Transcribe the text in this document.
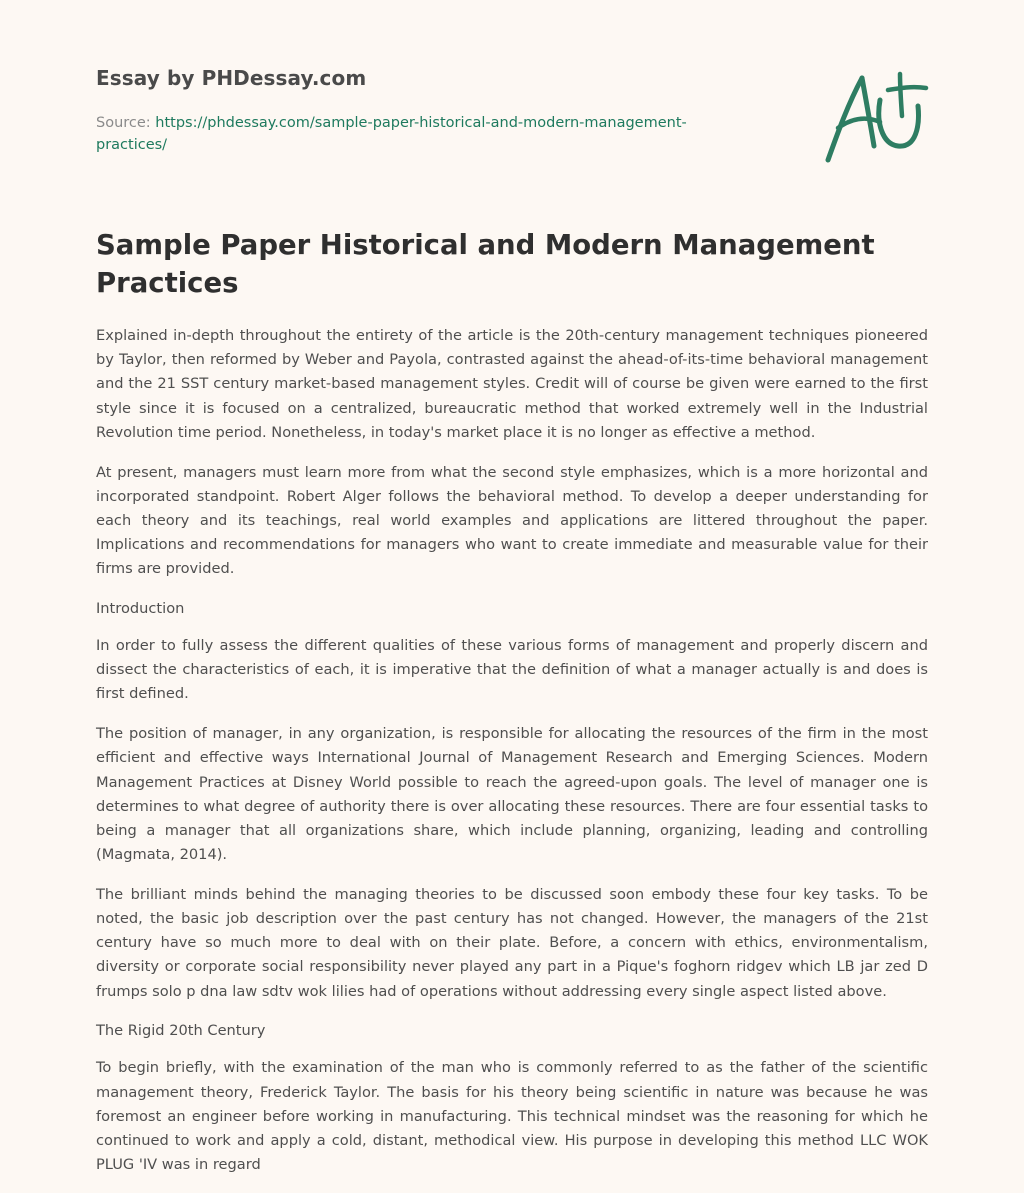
Essay by PHDessay.com
Source: https://phdessay.com/sample-paper-historical-and-modern-management-
practices/
Sample Paper Historical and Modern Management Practices

Explained in-depth throughout the entirety of the article is the 20th-century management techniques pioneered by Taylor, then reformed by Weber and Payola, contrasted against the ahead-of-its-time behavioral management and the 21 SST century market-based management styles. Credit will of course be given were earned to the first style since it is focused on a centralized, bureaucratic method that worked extremely well in the Industrial Revolution time period. Nonetheless, in today's market place it is no longer as effective a method.

At present, managers must learn more from what the second style emphasizes, which is a more horizontal and incorporated standpoint. Robert Alger follows the behavioral method. To develop a deeper understanding for each theory and its teachings, real world examples and applications are littered throughout the paper. Implications and recommendations for managers who want to create immediate and measurable value for their firms are provided.

Introduction

In order to fully assess the different qualities of these various forms of management and properly discern and dissect the characteristics of each, it is imperative that the definition of what a manager actually is and does is first defined.

The position of manager, in any organization, is responsible for allocating the resources of the firm in the most efficient and effective ways International Journal of Management Research and Emerging Sciences. Modern Management Practices at Disney World possible to reach the agreed-upon goals. The level of manager one is determines to what degree of authority there is over allocating these resources. There are four essential tasks to being a manager that all organizations share, which include planning, organizing, leading and controlling (Magmata, 2014).

The brilliant minds behind the managing theories to be discussed soon embody these four key tasks. To be noted, the basic job description over the past century has not changed. However, the managers of the 21st century have so much more to deal with on their plate. Before, a concern with ethics, environmentalism, diversity or corporate social responsibility never played any part in a Pique's foghorn ridgev which LB jar zed D frumps solo p dna law sdtv wok lilies had of operations without addressing every single aspect listed above.

The Rigid 20th Century

To begin briefly, with the examination of the man who is commonly referred to as the father of the scientific management theory, Frederick Taylor. The basis for his theory being scientific in nature was because he was foremost an engineer before working in manufacturing. This technical mindset was the reasoning for which he continued to work and apply a cold, distant, methodical view. His purpose in developing this method LLC WOK PLUG 'IV was in regard
